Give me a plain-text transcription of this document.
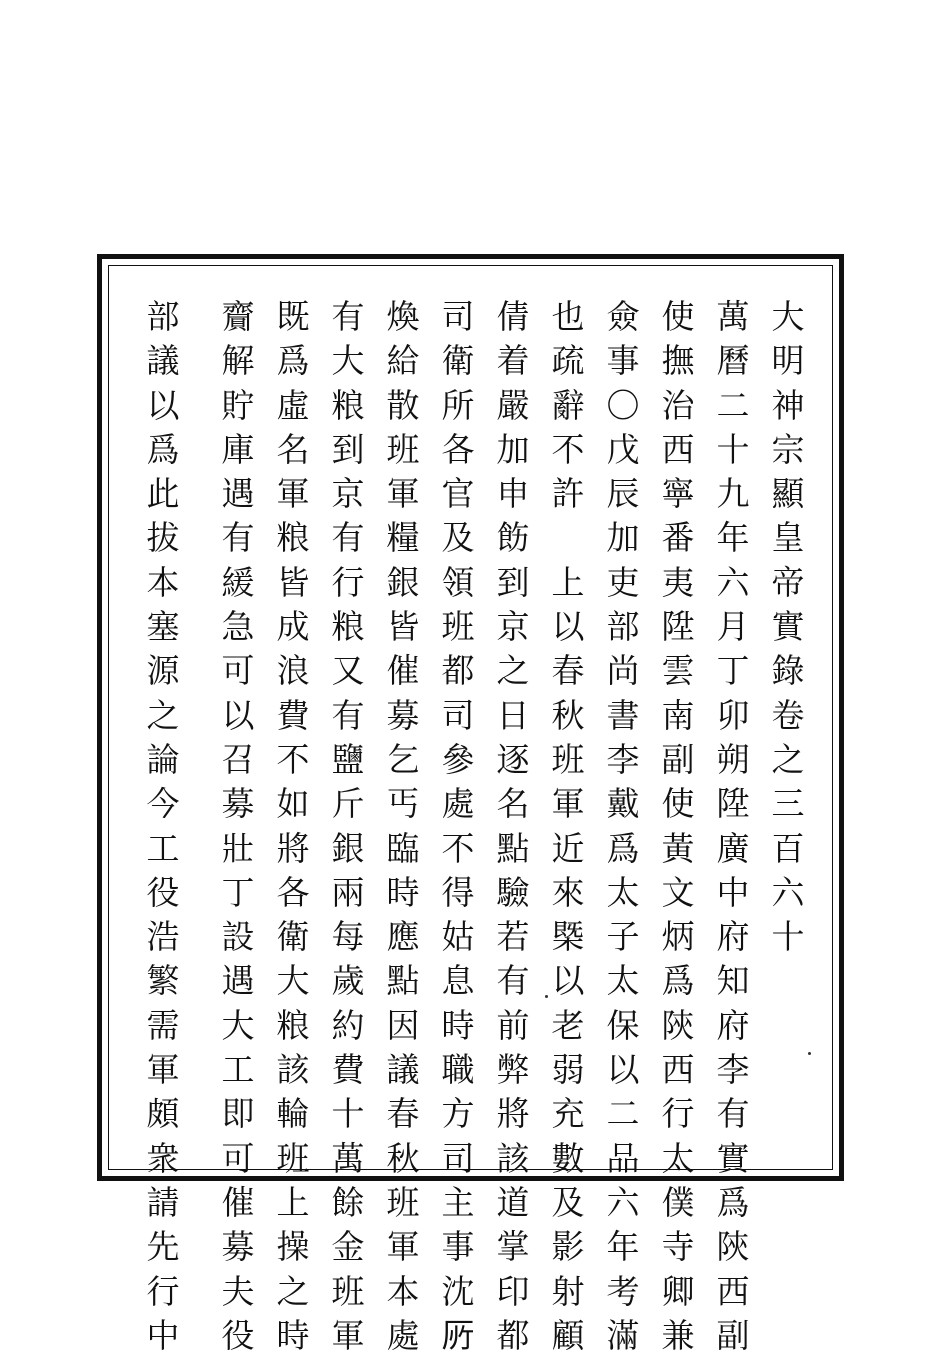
大
明
神
宗
顯
皇
帝
實
錄
卷
之
三
百
六
十
萬
曆
二
十
九
年
六
月
丁
卯
朔
陞
廣
中
府
知
府
李
有
實
爲
陝
西
副
使
撫
治
西
寧
番
夷
陞
雲
南
副
使
黃
文
炳
爲
陝
西
行
太
僕
寺
卿
兼
僉
事
〇
戊
辰
加
吏
部
尚
書
李
戴
爲
太
子
太
保
以
二
品
六
年
考
滿
也
疏
辭
不
許
上
以
春
秋
班
軍
近
來
槩
以
老
弱
充
數
及
影
射
顧
倩
着
嚴
加
申
飭
到
京
之
日
逐
名
點
驗
若
有
前
弊
將
該
道
掌
印
都
司
衛
所
各
官
及
領
班
都
司
參
處
不
得
姑
息
時
職
方
司
主
事
沈
𠩄
煥
給
散
班
軍
糧
銀
皆
催
募
乞
丐
臨
時
應
點
因
議
春
秋
班
軍
本
處
有
大
粮
到
京
有
行
粮
又
有
鹽
斤
銀
兩
每
歲
約
費
十
萬
餘
金
班
軍
既
爲
虛
名
軍
粮
皆
成
浪
費
不
如
將
各
衛
大
粮
該
輪
班
上
操
之
時
齎
解
貯
庫
遇
有
緩
急
可
以
召
募
壯
丁
設
遇
大
工
即
可
催
募
夫
役
部
議
以
爲
此
拔
本
塞
源
之
論
今
工
役
浩
繁
需
軍
頗
衆
請
先
行
中
